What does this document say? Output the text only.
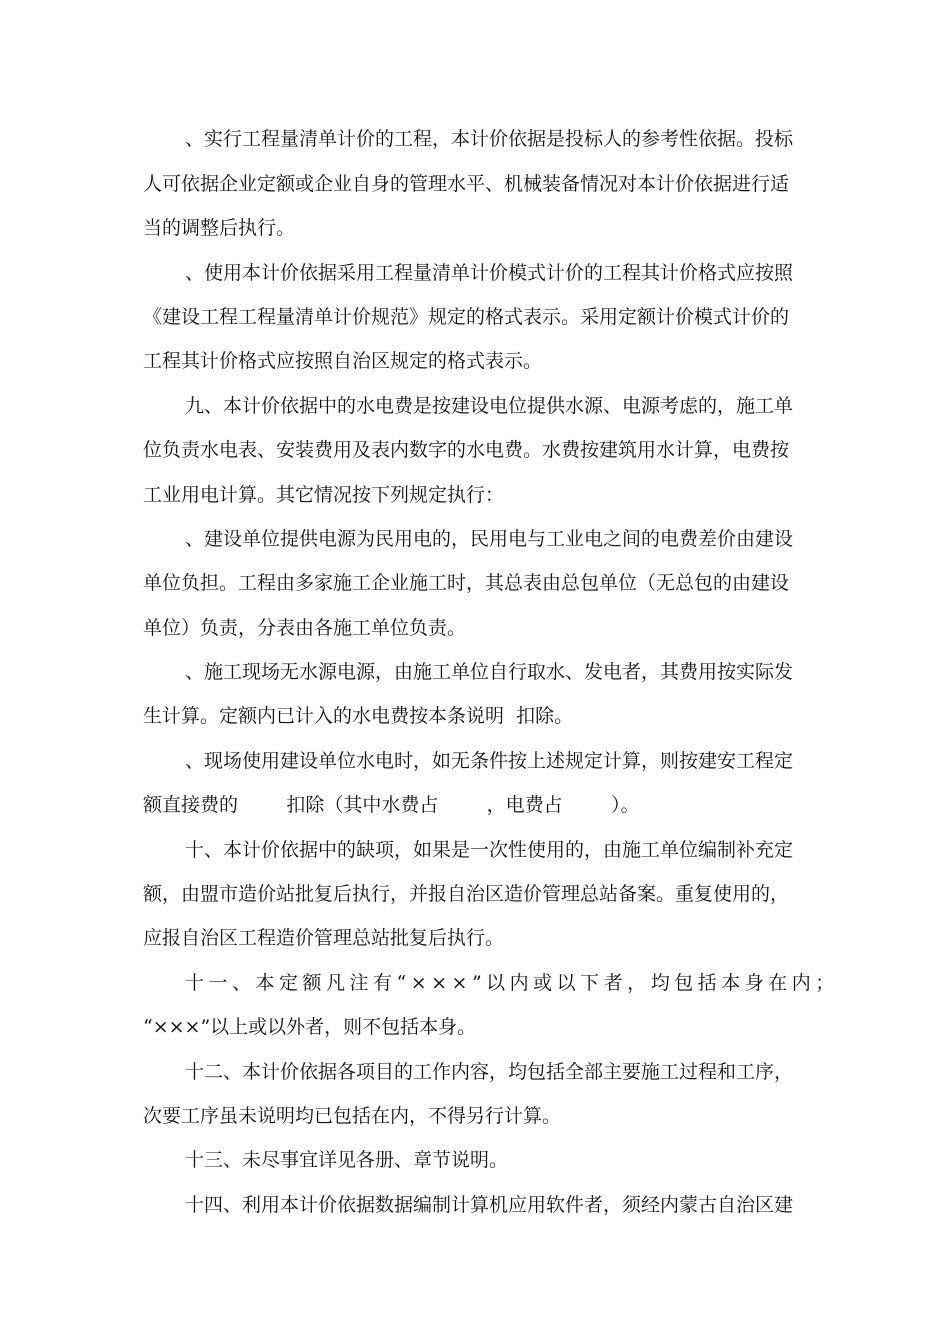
、实行工程量清单计价的工程，本计价依据是投标人的参考性依据。投标
人可依据企业定额或企业自身的管理水平、机械装备情况对本计价依据进行适
当的调整后执行。
、使用本计价依据采用工程量清单计价模式计价的工程其计价格式应按照
《建设工程工程量清单计价规范》规定的格式表示。采用定额计价模式计价的
工程其计价格式应按照自治区规定的格式表示。
九、本计价依据中的水电费是按建设电位提供水源、电源考虑的，施工单
位负责水电表、安装费用及表内数字的水电费。水费按建筑用水计算，电费按
工业用电计算。其它情况按下列规定执行：
、建设单位提供电源为民用电的，民用电与工业电之间的电费差价由建设
单位负担。工程由多家施工企业施工时，其总表由总包单位（无总包的由建设
单位）负责，分表由各施工单位负责。
、施工现场无水源电源，由施工单位自行取水、发电者，其费用按实际发
生计算。定额内已计入的水电费按本条说明  扣除。
、现场使用建设单位水电时，如无条件按上述规定计算，则按建安工程定
额直接费的        扣除（其中水费占        ，电费占        ）。
十、本计价依据中的缺项，如果是一次性使用的，由施工单位编制补充定
额，由盟市造价站批复后执行，并报自治区造价管理总站备案。重复使用的，
应报自治区工程造价管理总站批复后执行。
十一、本定额凡注有“×××”以内或以下者，均包括本身在内；
“×××”以上或以外者，则不包括本身。
十二、本计价依据各项目的工作内容，均包括全部主要施工过程和工序，
次要工序虽未说明均已包括在内，不得另行计算。
十三、未尽事宜详见各册、章节说明。
十四、利用本计价依据数据编制计算机应用软件者，须经内蒙古自治区建
